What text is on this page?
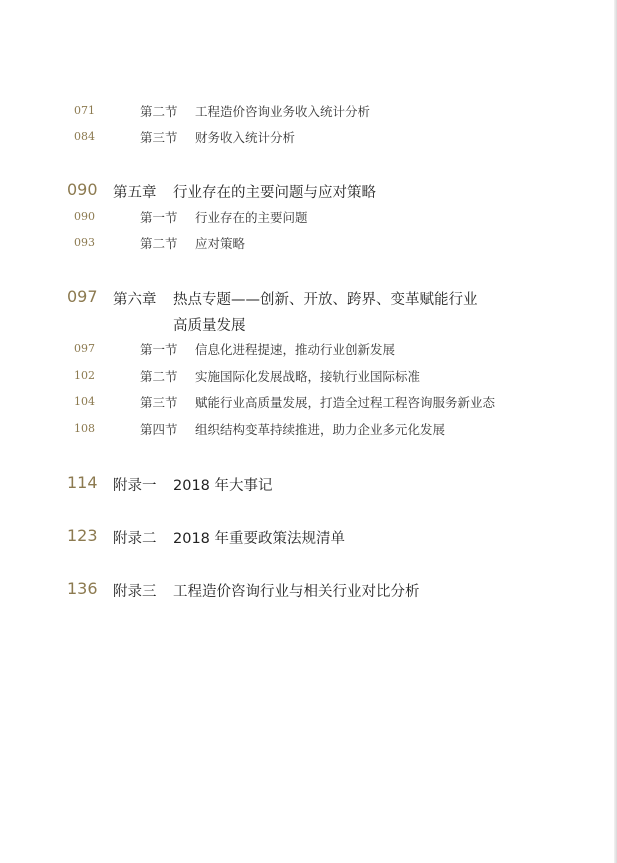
071	第二节 工程造价咨询业务收入统计分析
084	第三节 财务收入统计分析
090 第五章 行业存在的主要问题与应对策略
090	第一节 行业存在的主要问题
093	第二节 应对策略
097 第六章 热点专题——创新、开放、跨界、变革赋能行业
高质量发展
097	第一节 信息化进程提速，推动行业创新发展
102	第二节 实施国际化发展战略，接轨行业国际标准
104	第三节 赋能行业高质量发展，打造全过程工程咨询服务新业态
108	第四节 组织结构变革持续推进，助力企业多元化发展
114 附录一 2018 年大事记
123 附录二 2018 年重要政策法规清单
136 附录三 工程造价咨询行业与相关行业对比分析
